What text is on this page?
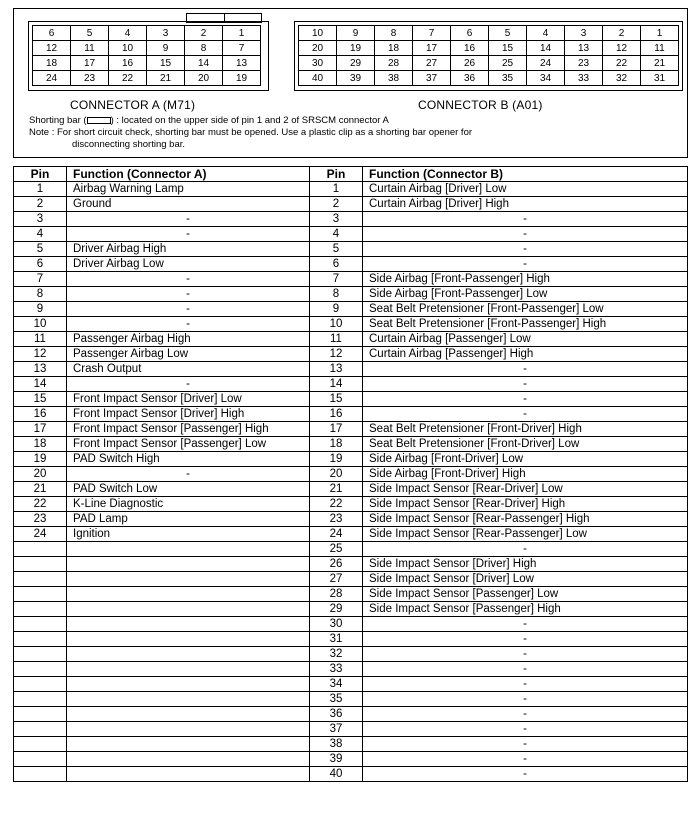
6	5	4	3	2	1
12	11	10	9	8	7
18	17	16	15	14	13
24	23	22	21	20	19
10	9	8	7	6	5	4	3	2	1
20	19	18	17	16	15	14	13	12	11
30	29	28	27	26	25	24	23	22	21
40	39	38	37	36	35	34	33	32	31
CONNECTOR A (M71)	CONNECTOR B (A01)
Shorting bar (	) : located on the upper side of pin 1 and 2 of SRSCM connector A
Note : For short circuit check, shorting bar must be opened. Use a plastic clip as a shorting bar opener for
disconnecting shorting bar.
Pin	Function (Connector A)	Pin	Function (Connector B)
1	Airbag Warning Lamp	1	Curtain Airbag [Driver] Low
2	Ground	2	Curtain Airbag [Driver] High
3	-	3	-
4	-	4	-
5	Driver Airbag High	5	-
6	Driver Airbag Low	6	-
7	-	7	Side Airbag [Front-Passenger] High
8	-	8	Side Airbag [Front-Passenger] Low
9	-	9	Seat Belt Pretensioner [Front-Passenger] Low
10	-	10	Seat Belt Pretensioner [Front-Passenger] High
11	Passenger Airbag High	11	Curtain Airbag [Passenger] Low
12	Passenger Airbag Low	12	Curtain Airbag [Passenger] High
13	Crash Output	13	-
14	-	14	-
15	Front Impact Sensor [Driver] Low	15	-
16	Front Impact Sensor [Driver] High	16	-
17	Front Impact Sensor [Passenger] High	17	Seat Belt Pretensioner [Front-Driver] High
18	Front Impact Sensor [Passenger] Low	18	Seat Belt Pretensioner [Front-Driver] Low
19	PAD Switch High	19	Side Airbag [Front-Driver] Low
20	-	20	Side Airbag [Front-Driver] High
21	PAD Switch Low	21	Side Impact Sensor [Rear-Driver] Low
22	K-Line Diagnostic	22	Side Impact Sensor [Rear-Driver] High
23	PAD Lamp	23	Side Impact Sensor [Rear-Passenger] High
24	Ignition	24	Side Impact Sensor [Rear-Passenger] Low
		25	-
		26	Side Impact Sensor [Driver] High
		27	Side Impact Sensor [Driver] Low
		28	Side Impact Sensor [Passenger] Low
		29	Side Impact Sensor [Passenger] High
		30	-
		31	-
		32	-
		33	-
		34	-
		35	-
		36	-
		37	-
		38	-
		39	-
		40	-
